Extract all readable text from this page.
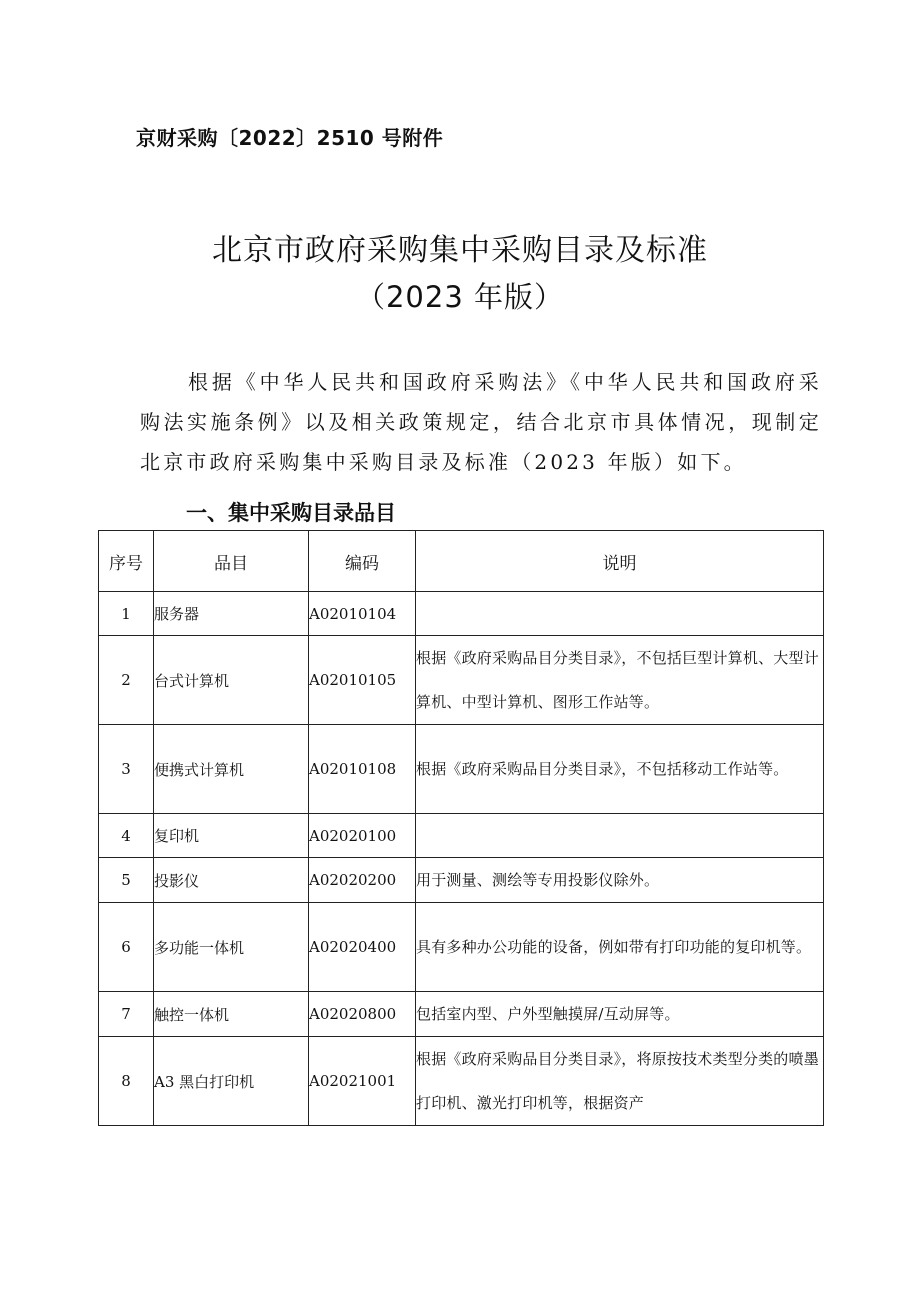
京财采购〔2022〕2510 号附件
北京市政府采购集中采购目录及标准
（2023 年版）

根据《中华人民共和国政府采购法》《中华人民共和国政府采购法实施条例》以及相关政策规定，结合北京市具体情况，现制定北京市政府采购集中采购目录及标准（2023 年版）如下。

一、集中采购目录品目
序号	品目	编码	说明
1	服务器	A02010104	
2	台式计算机	A02010105	根据《政府采购品目分类目录》，不包括巨型计算机、大型计算机、中型计算机、图形工作站等。
3	便携式计算机	A02010108	根据《政府采购品目分类目录》，不包括移动工作站等。
4	复印机	A02020100	
5	投影仪	A02020200	用于测量、测绘等专用投影仪除外。
6	多功能一体机	A02020400	具有多种办公功能的设备，例如带有打印功能的复印机等。
7	触控一体机	A02020800	包括室内型、户外型触摸屏/互动屏等。
8	A3 黑白打印机	A02021001	根据《政府采购品目分类目录》，将原按技术类型分类的喷墨打印机、激光打印机等，根据资产
